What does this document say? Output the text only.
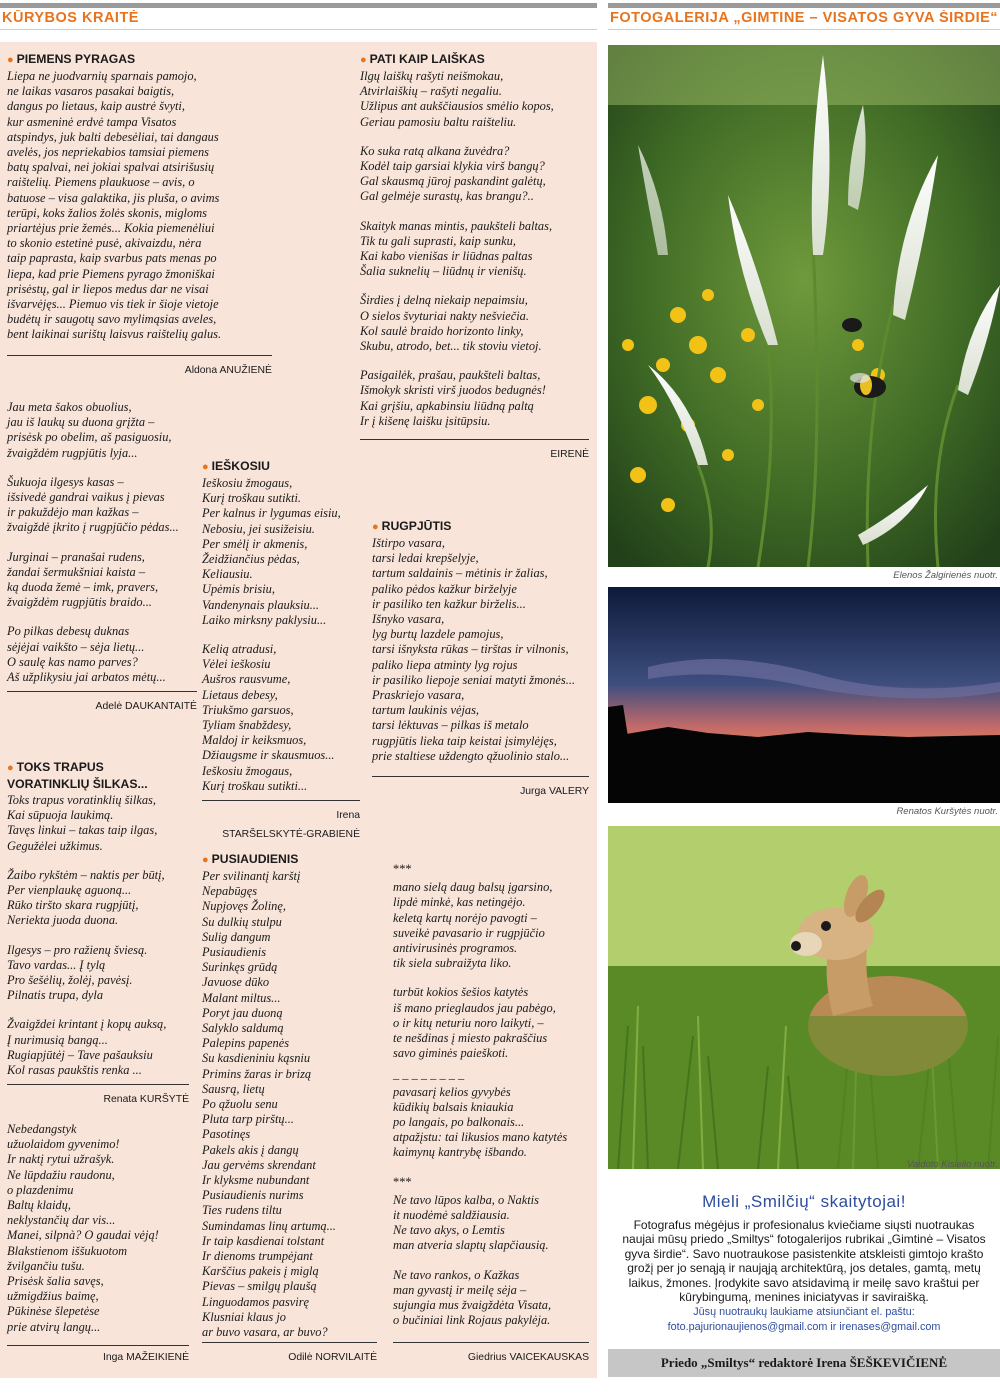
KŪRYBOS KRAITĖ	FOTOGALERIJA „GIMTINE – VISATOS GYVA ŠIRDIE“
● PIEMENS PYRAGAS

Liepa ne juodvarnių sparnais pamojo,
ne laikas vasaros pasakai baigtis,
dangus po lietaus, kaip austrė švyti,
kur asmeninė erdvė tampa Visatos
atspindys, juk balti debesėliai, tai dangaus
avelės, jos nepriekabios tamsiai piemens
batų spalvai, nei jokiai spalvai atsirišusių
raištelių. Piemens plaukuose – avis, o
batuose – visa galaktika, jis pluša, o avims
terūpi, koks žalios žolės skonis, migloms
priartėjus prie žemės... Kokia piemenėliui
to skonio estetinė pusė, akivaizdu, nėra
taip paprasta, kaip svarbus pats menas po
liepa, kad prie Piemens pyrago žmoniškai
prisėstų, gal ir liepos medus dar ne visai
išvarvėjęs... Piemuo vis tiek ir šioje vietoje
budėtų ir saugotų savo mylimąsias aveles,
bent laikinai surištų laisvus raištelių galus.

Aldona ANUŽIENĖ

Jau meta šakos obuolius,
jau iš laukų su duona grįžta –
prisėsk po obelim, aš pasiguosiu,
žvaigždėm rugpjūtis lyja...

Šukuoja ilgesys kasas –
išsivedė gandrai vaikus į pievas
ir pakuždėjo man kažkas –
žvaigždė įkrito į rugpjūčio pėdas...

Jurginai – pranašai rudens,
žandai šermukšniai kaista –
ką duoda žemė – imk, pravers,
žvaigždėm rugpjūtis braido...

Po pilkas debesų duknas
sėjėjai vaikšto – sėja lietų...
O saulę kas namo parves?
Aš užplikysiu jai arbatos mėtų...

Adelė DAUKANTAITĖ
● TOKS TRAPUS
VORATINKLIŲ ŠILKAS...

Toks trapus voratinklių šilkas,
Kai sūpuoja laukimą.
Tavęs linkui – takas taip ilgas,
Gegužėlei užkimus.

Žaibo rykštėm – naktis per būtį,
Per vienplaukę aguoną...
Rūko tiršto skara rugpjūtį,
Neriekta juoda duona.

Ilgesys – pro ražienų šviesą.
Tavo vardas... Į tylą
Pro šešėlių, žolėj, pavėsį.
Pilnatis trupa, dyla

Žvaigždei krintant į kopų auksą,
Į nurimusią bangą...
Rugiapjūtėj – Tave pašauksiu
Kol rasas paukštis renka ...

Renata KURŠYTĖ

Nebedangstyk
užuolaidom gyvenimo!
Ir naktį rytui užrašyk.
Ne lūpdažiu raudonu,
o plazdenimu
Baltų klaidų,
neklystančių dar vis...
Manei, silpnà? O gaudai vėją!
Blakstienom iššukuotom
žvilgančiu tušu.
Prisėsk šalia savęs,
užmigdžius baimę,
Pūkinėse šlepetėse
prie atvirų langų...

Inga MAŽEIKIENĖ
● IEŠKOSIU

Ieškosiu žmogaus,
Kurį troškau sutikti.
Per kalnus ir lygumas eisiu,
Nebosiu, jei susižeisiu.
Per smėlį ir akmenis,
Žeidžiančius pėdas,
Keliausiu.
Upėmis brisiu,
Vandenynais plauksiu...
Laiko mirksny paklysiu...

Kelią atradusi,
Vėlei ieškosiu
Aušros rausvume,
Lietaus debesy,
Triukšmo garsuos,
Tyliam šnabždesy,
Maldoj ir keiksmuos,
Džiaugsme ir skausmuos...
Ieškosiu žmogaus,
Kurį troškau sutikti...

Irena

STARŠELSKYTĖ-GRABIENĖ
● PUSIAUDIENIS

Per svilinantį karštį
Nepabūgęs
Nupjovęs Žolinę,
Su dulkių stulpu
Sulig dangum
Pusiaudienis
Surinkęs grūdą
Javuose dūko
Malant miltus...
Poryt jau duoną
Salyklo saldumą
Palepins papenės
Su kasdieniniu kąsniu
Primins žaras ir brizą
Sausrą, lietų
Po ąžuolu senu
Pluta tarp pirštų...
Pasotinęs
Pakels akis į dangų
Jau gervėms skrendant
Ir klyksme nubundant
Pusiaudienis nurims
Ties rudens tiltu
Sumindamas linų artumą...
Ir taip kasdienai tolstant
Ir dienoms trumpėjant
Karščius pakeis į miglą
Pievas – smilgų plaušą
Linguodamos pasvirę
Klusniai klaus jo
ar buvo vasara, ar buvo?

Odilė NORVILAITĖ
● PATI KAIP LAIŠKAS

Ilgų laiškų rašyti neišmokau,
Atvirlaiškių – rašyti negaliu.
Užlipus ant aukščiausios smėlio kopos,
Geriau pamosiu baltu raišteliu.

Ko suka ratą alkana žuvėdra?
Kodėl taip garsiai klykia virš bangų?
Gal skausmą jūroj paskandint galėtų,
Gal gelmėje surastų, kas brangu?..

Skaityk manas mintis, paukšteli baltas,
Tik tu gali suprasti, kaip sunku,
Kai kabo vienišas ir liūdnas paltas
Šalia suknelių – liūdnų ir vienišų.

Širdies į delną niekaip nepaimsiu,
O sielos švyturiai nakty nešviečia.
Kol saulė braido horizonto linky,
Skubu, atrodo, bet... tik stoviu vietoj.

Pasigailėk, prašau, paukšteli baltas,
Išmokyk skristi virš juodos bedugnės!
Kai grįšiu, apkabinsiu liūdną paltą
Ir į kišenę laišku įsitūpsiu.

EIRENĖ
● RUGPJŪTIS

Ištirpo vasara,
tarsi ledai krepšelyje,
tartum saldainis – mėtinis ir žalias,
paliko pėdos kažkur birželyje
ir pasiliko ten kažkur birželis...
Išnyko vasara,
lyg burtų lazdele pamojus,
tarsi išnyksta rūkas – tirštas ir vilnonis,
paliko liepa atminty lyg rojus
ir pasiliko liepoje seniai matyti žmonės...
Praskriejo vasara,
tartum laukinis vėjas,
tarsi lėktuvas – pilkas iš metalo
rugpjūtis lieka taip keistai įsimylėjęs,
prie staltiese uždengto ąžuolinio stalo...

Jurga VALERY
***

mano sielą daug balsų įgarsino,
lipdė minkė, kas netingėjo.
keletą kartų norėjo pavogti –
suveikė pavasario ir rugpjūčio
antivirusinės programos.
tik siela subraižyta liko.

turbūt kokios šešios katytės
iš mano prieglaudos jau pabėgo,
o ir kitų neturiu noro laikyti, –
te nešdinas į miesto pakraščius
savo giminės paieškoti.

_ _ _ _ _ _ _ _

pavasarį kelios gyvybės
kūdikių balsais kniaukia
po langais, po balkonais...
atpažįstu: tai likusios mano katytės
kaimynų kantrybę išbando.

***

Ne tavo lūpos kalba, o Naktis
it nuodėmė saldžiausia.
Ne tavo akys, o Lemtis
man atveria slaptų slapčiausią.

Ne tavo rankos, o Kažkas
man gyvastį ir meilę sėja –
sujungia mus žvaigždėta Visata,
o bučiniai link Rojaus pakylėja.

Giedrius VAICEKAUSKAS
Elenos Žalgirienės nuotr.
Renatos Kuršytės nuotr.
Vaidoto Kisielio nuotr.
Mieli „Smilčių“ skaitytojai!
Fotografus mėgėjus ir profesionalus kviečiame siųsti nuotraukas naujai mūsų priedo „Smiltys“ fotogalerijos rubrikai „Gimtinė – Visatos gyva širdie“. Savo nuotraukose pasistenkite atskleisti gimtojo krašto grožį per jo senąją ir naująją architektūrą, jos detales, gamtą, metų laikus, žmones. Įrodykite savo atsidavimą ir meilę savo kraštui per kūrybingumą, menines iniciatyvas ir saviraišką.
Jūsų nuotraukų laukiame atsiunčiant el. paštu:
foto.pajurionaujienos@gmail.com ir irenases@gmail.com
Priedo „Smiltys“ redaktorė Irena ŠEŠKEVIČIENĖ
